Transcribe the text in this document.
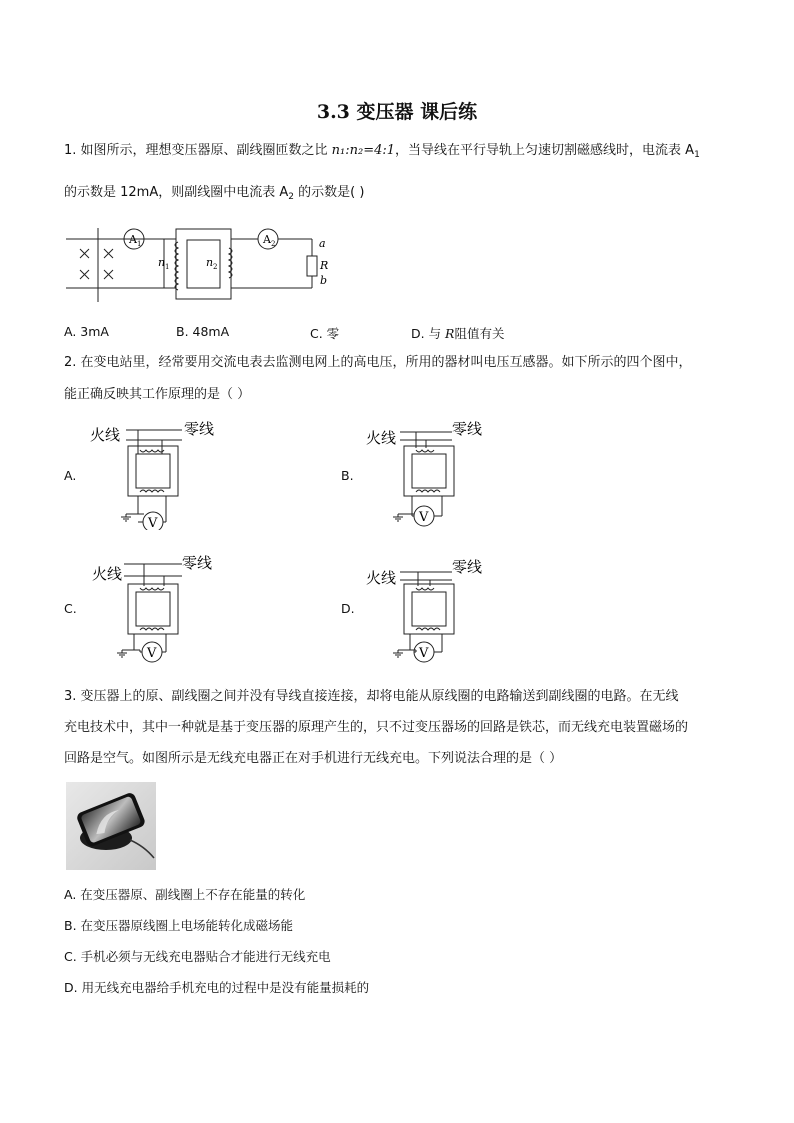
3.3 变压器 课后练
1. 如图所示，理想变压器原、副线圈匝数之比 n₁:n₂=4:1，当导线在平行导轨上匀速切割磁感线时，电流表 $A_1$
的示数是 12mA，则副线圈中电流表 $A_2$ 的示数是( )
A 1	A 2
n 1	n 2
a
R
b
A. 3mA	B. 48mA	C. 零	D. 与 R阻值有关
2. 在变电站里，经常要用交流电表去监测电网上的高电压，所用的器材叫电压互感器。如下所示的四个图中，
能正确反映其工作原理的是（ ）
A.
火线	零线
V
B.
火线	零线
V
C.
火线
零线
V
D.
火线
零线
V
3. 变压器上的原、副线圈之间并没有导线直接连接，却将电能从原线圈的电路输送到副线圈的电路。在无线
充电技术中，其中一种就是基于变压器的原理产生的，只不过变压器场的回路是铁芯，而无线充电装置磁场的
回路是空气。如图所示是无线充电器正在对手机进行无线充电。下列说法合理的是（ ）
A. 在变压器原、副线圈上不存在能量的转化
B. 在变压器原线圈上电场能转化成磁场能
C. 手机必须与无线充电器贴合才能进行无线充电
D. 用无线充电器给手机充电的过程中是没有能量损耗的
